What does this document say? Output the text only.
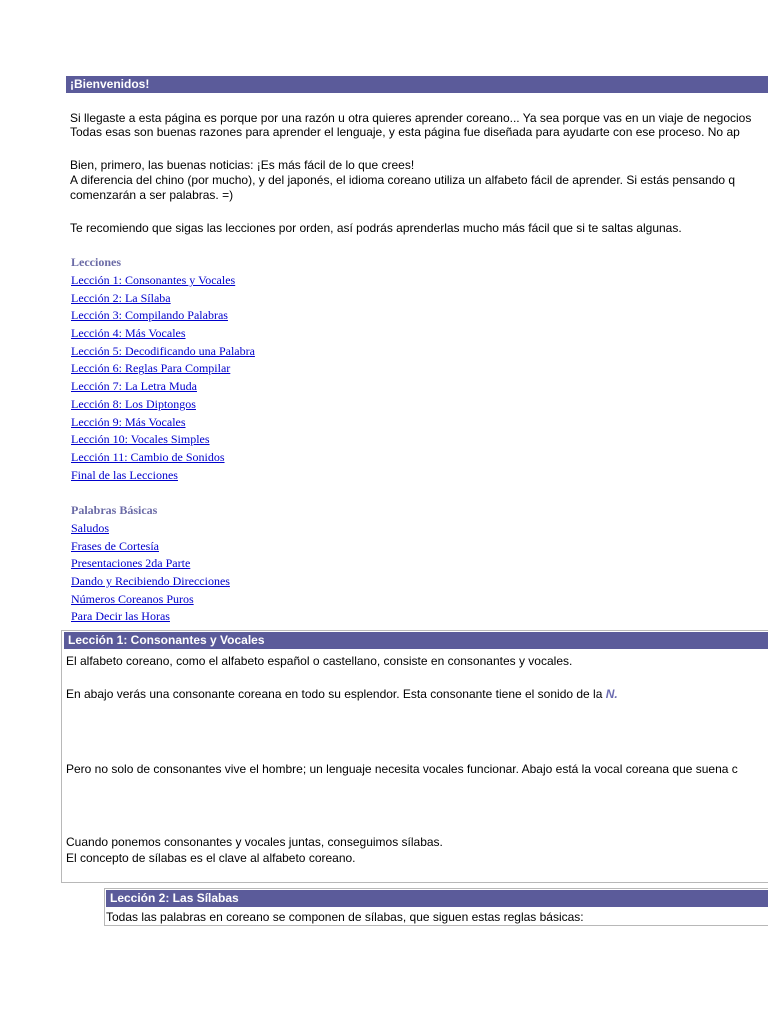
¡Bienvenidos!

Si llegaste a esta página es porque por una razón u otra quieres aprender coreano... Ya sea porque vas en un viaje de negocios

Todas esas son buenas razones para aprender el lenguaje, y esta página fue diseñada para ayudarte con ese proceso. No ap

Bien, primero, las buenas noticias: ¡Es más fácil de lo que crees!

A diferencia del chino (por mucho), y del japonés, el idioma coreano utiliza un alfabeto fácil de aprender. Si estás pensando q

comenzarán a ser palabras. =)

Te recomiendo que sigas las lecciones por orden, así podrás aprenderlas mucho más fácil que si te saltas algunas.

Lecciones
Lección 1: Consonantes y Vocales
Lección 2: La Sílaba
Lección 3: Compilando Palabras
Lección 4: Más Vocales
Lección 5: Decodificando una Palabra
Lección 6: Reglas Para Compilar
Lección 7: La Letra Muda
Lección 8: Los Diptongos
Lección 9: Más Vocales
Lección 10: Vocales Simples
Lección 11: Cambio de Sonidos
Final de las Lecciones
Palabras Básicas
Saludos
Frases de Cortesía
Presentaciones 2da Parte
Dando y Recibiendo Direcciones
Números Coreanos Puros
Para Decir las Horas
Lección 1: Consonantes y Vocales

El alfabeto coreano, como el alfabeto español o castellano, consiste en consonantes y vocales.

En abajo verás una consonante coreana en todo su esplendor. Esta consonante tiene el sonido de la N.

Pero no solo de consonantes vive el hombre; un lenguaje necesita vocales funcionar. Abajo está la vocal coreana que suena c

Cuando ponemos consonantes y vocales juntas, conseguimos sílabas.

El concepto de sílabas es el clave al alfabeto coreano.

Lección 2: Las Sílabas

Todas las palabras en coreano se componen de sílabas, que siguen estas reglas básicas:
